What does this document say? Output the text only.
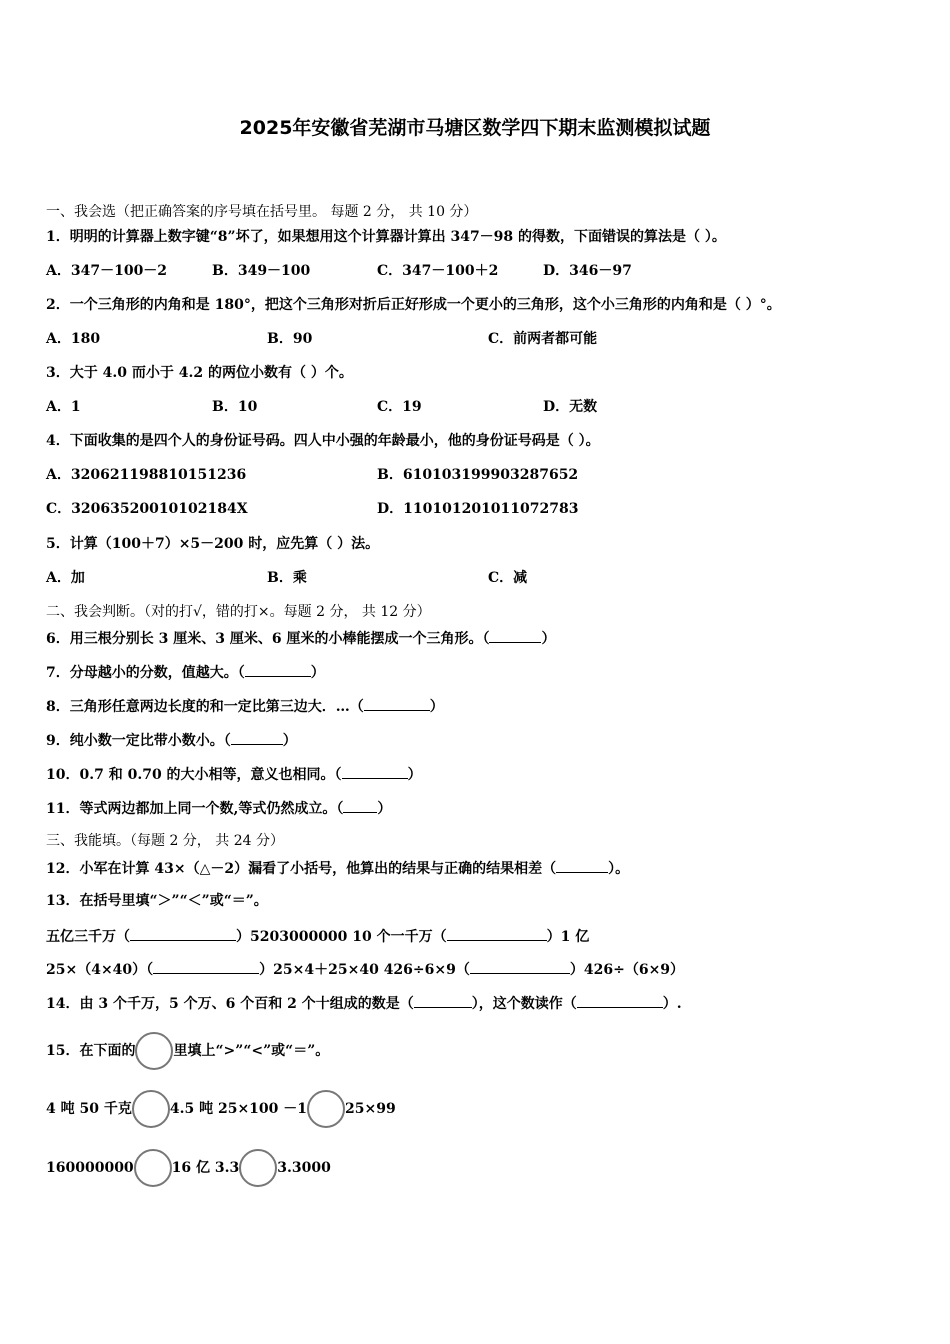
2025年安徽省芜湖市马塘区数学四下期末监测模拟试题
一、我会选（把正确答案的序号填在括号里。 每题 2 分， 共 10 分）
1．明明的计算器上数字键“8”坏了，如果想用这个计算器计算出 347－98 的得数，下面错误的算法是（ ）。
A．347－100－2	B．349－100	C．347－100＋2	D．346－97
2．一个三角形的内角和是 180°，把这个三角形对折后正好形成一个更小的三角形，这个小三角形的内角和是（ ）°。
A．180	B．90	C．前两者都可能
3．大于 4.0 而小于 4.2 的两位小数有（ ）个。
A．1	B．10	C．19	D．无数
4．下面收集的是四个人的身份证号码。四人中小强的年龄最小，他的身份证号码是（ ）。
A．320621198810151236	B．610103199903287652
C．32063520010102184X	D．110101201011072783
5．计算（100＋7）×5－200 时，应先算（ ）法。
A．加	B．乘	C．减
二、我会判断。（对的打√，错的打×。每题 2 分， 共 12 分）
6．用三根分别长 3 厘米、3 厘米、6 厘米的小棒能摆成一个三角形。（	）
7．分母越小的分数，值越大。（	）
8．三角形任意两边长度的和一定比第三边大．…（	）
9．纯小数一定比带小数小。（	）
10．0.7 和 0.70 的大小相等，意义也相同。（	）
11．等式两边都加上同一个数,等式仍然成立。（ ）
三、我能填。（每题 2 分， 共 24 分）
12．小军在计算 43×（△－2）漏看了小括号，他算出的结果与正确的结果相差（	）。
13．在括号里填“＞”“＜”或“＝”。
五亿三千万（	）5203000000 10 个一千万（	）1 亿
25×（4×40）（	）25×4＋25×40 426÷6×9（	）426÷（6×9）
14．由 3 个千万，5 个万、6 个百和 2 个十组成的数是（	），这个数读作（	）.
15．在下面的	里填上“>”“<”或“＝”。
4 吨 50 千克	4.5 吨 25×100 －1	25×99
160000000	16 亿 3.3	3.3000
